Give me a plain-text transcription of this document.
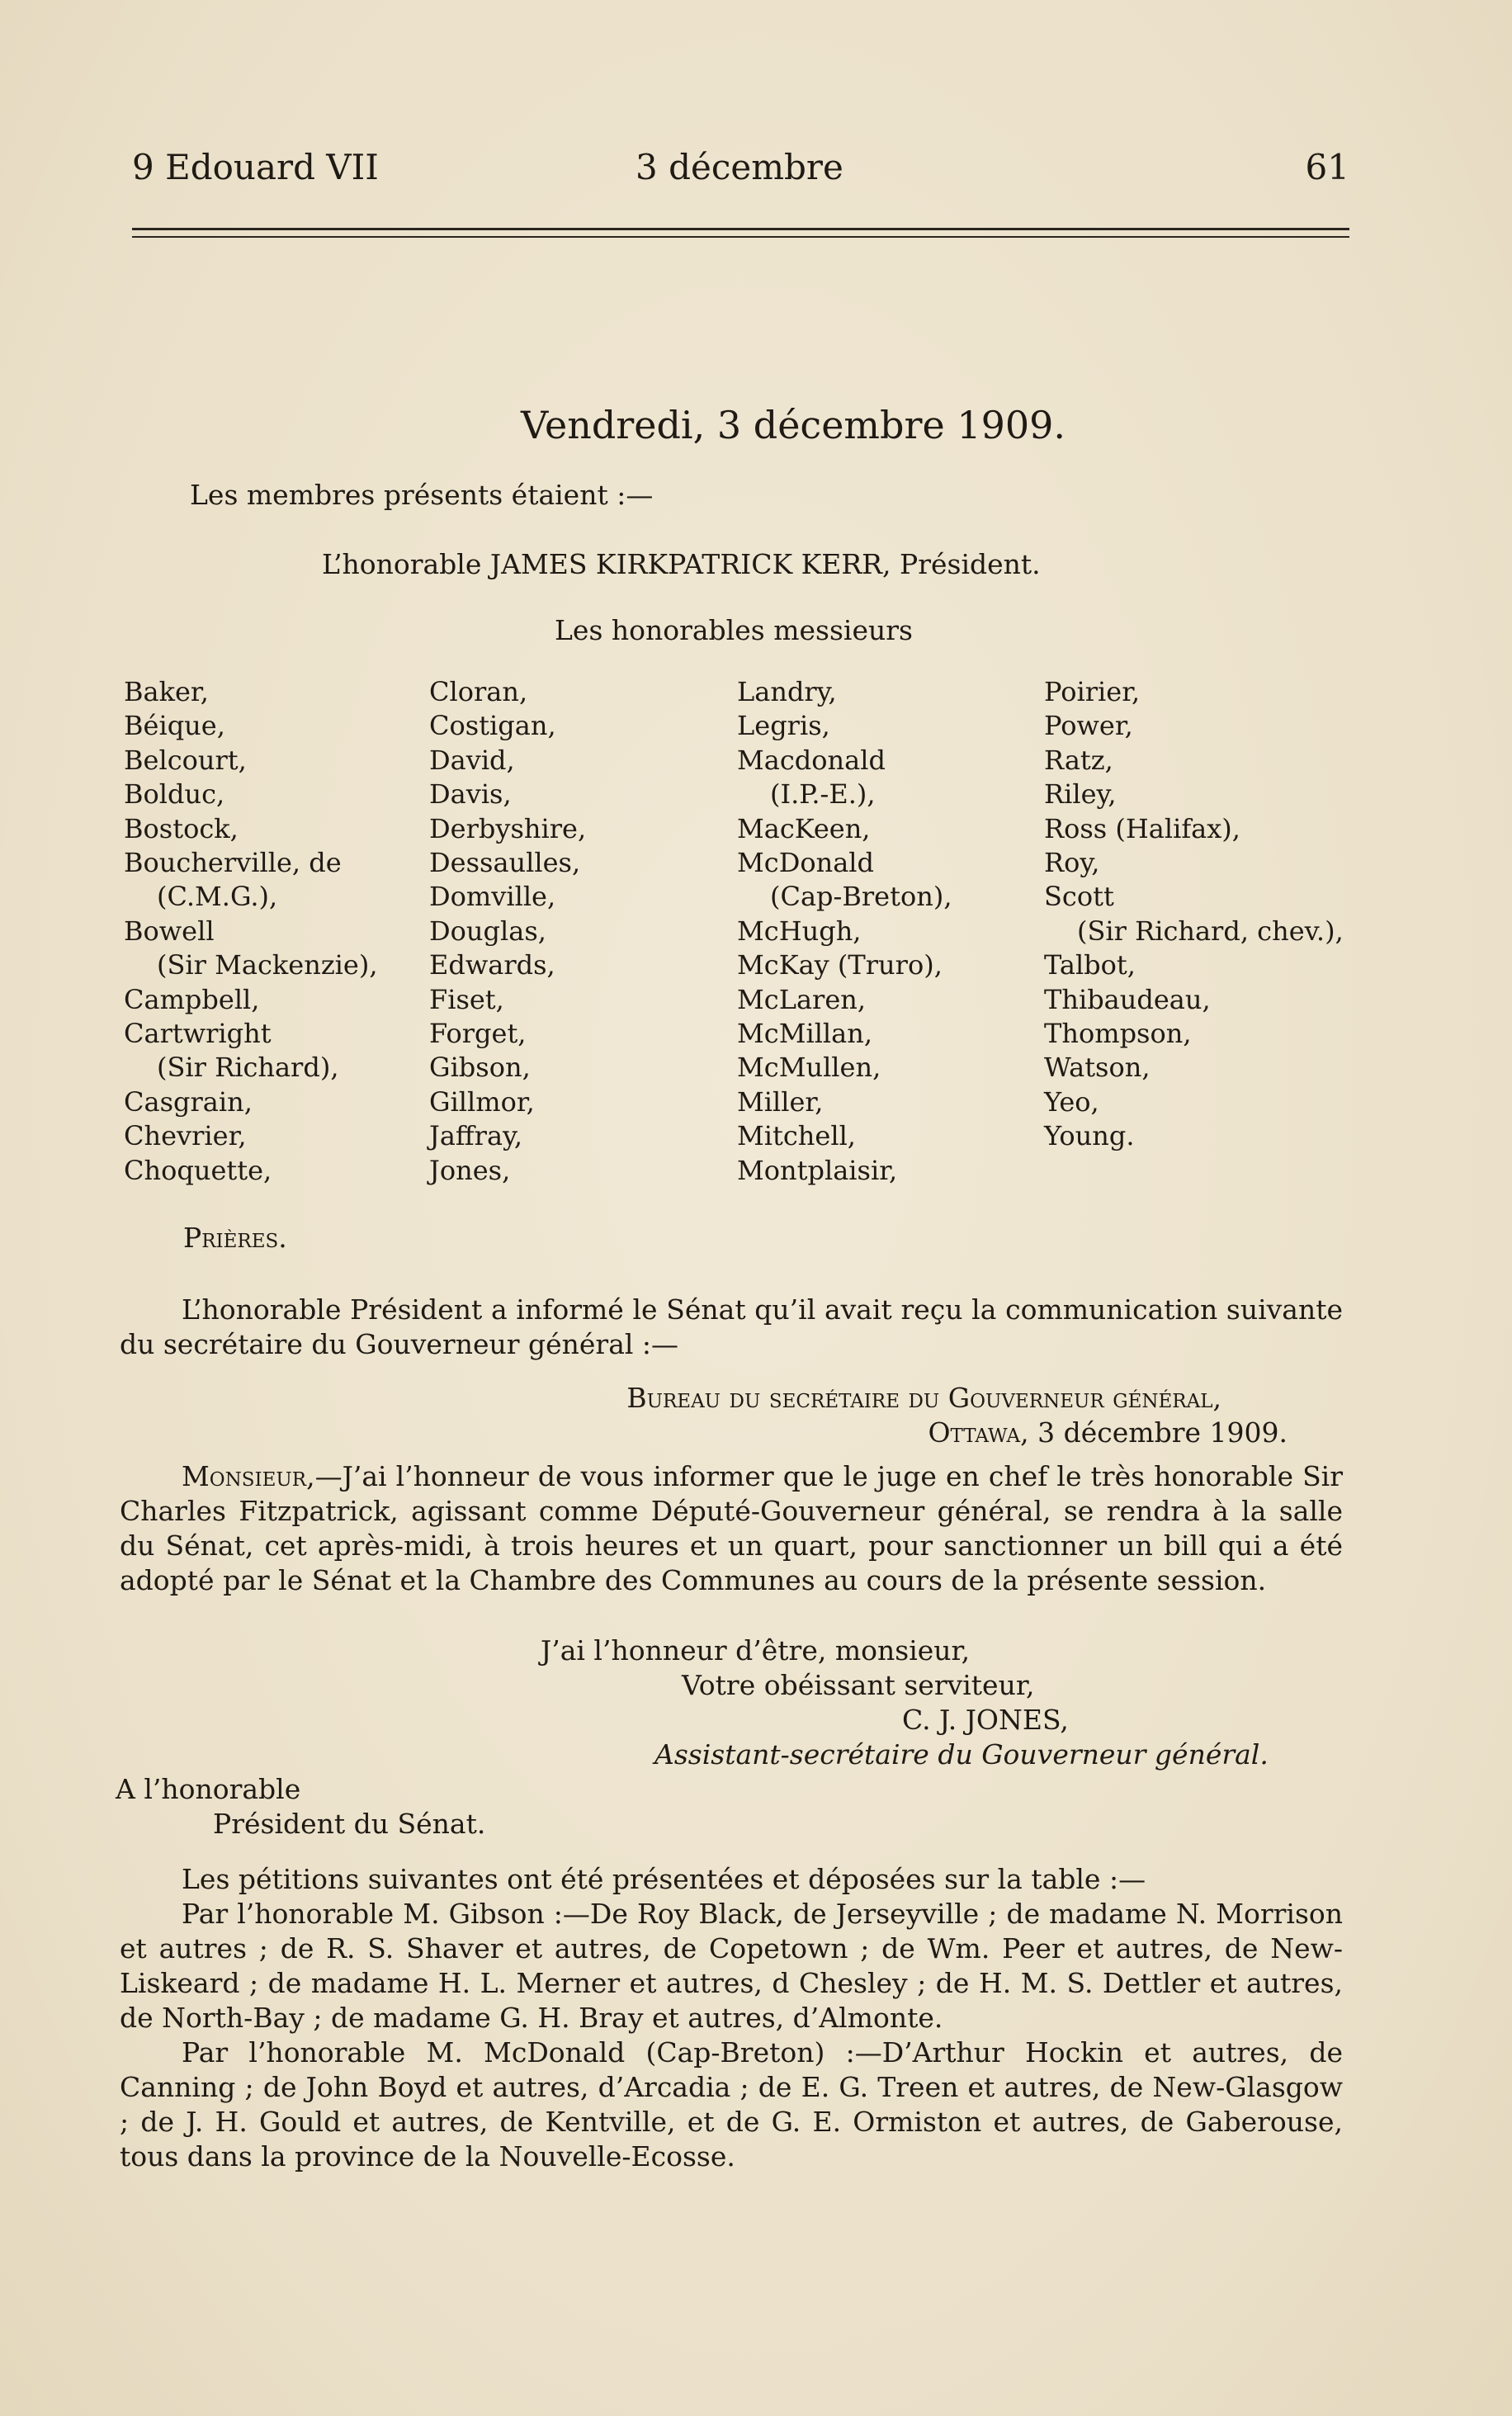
9 Edouard VII	3 décembre	61
Vendredi, 3 décembre 1909.
Les membres présents étaient :—
L’honorable JAMES KIRKPATRICK KERR, Président.
Les honorables messieurs
Baker,
Béique,
Belcourt,
Bolduc,
Bostock,
Boucherville, de
(C.M.G.),
Bowell
(Sir Mackenzie),
Campbell,
Cartwright
(Sir Richard),
Casgrain,
Chevrier,
Choquette,
Cloran,
Costigan,
David,
Davis,
Derbyshire,
Dessaulles,
Domville,
Douglas,
Edwards,
Fiset,
Forget,
Gibson,
Gillmor,
Jaffray,
Jones,
Landry,
Legris,
Macdonald
(I.P.-E.),
MacKeen,
McDonald
(Cap-Breton),
McHugh,
McKay (Truro),
McLaren,
McMillan,
McMullen,
Miller,
Mitchell,
Montplaisir,
Poirier,
Power,
Ratz,
Riley,
Ross (Halifax),
Roy,
Scott
(Sir Richard, chev.),
Talbot,
Thibaudeau,
Thompson,
Watson,
Yeo,
Young.
Prières.

L’honorable Président a informé le Sénat qu’il avait reçu la communication suivante du secrétaire du Gouverneur général :—

Bureau du secrétaire du Gouverneur général,
Ottawa, 3 décembre 1909.

Monsieur,—J’ai l’honneur de vous informer que le juge en chef le très honorable Sir Charles Fitzpatrick, agissant comme Député-Gouverneur général, se rendra à la salle du Sénat, cet après-midi, à trois heures et un quart, pour sanctionner un bill qui a été adopté par le Sénat et la Chambre des Communes au cours de la présente session.

J’ai l’honneur d’être, monsieur,
Votre obéissant serviteur,
C. J. JONES,
Assistant-secrétaire du Gouverneur général.
A l’honorable
Président du Sénat.

Les pétitions suivantes ont été présentées et déposées sur la table :—

Par l’honorable M. Gibson :—De Roy Black, de Jerseyville ; de madame N. Morrison et autres ; de R. S. Shaver et autres, de Copetown ; de Wm. Peer et autres, de New-Liskeard ; de madame H. L. Merner et autres, d Chesley ; de H. M. S. Dettler et autres, de North-Bay ; de madame G. H. Bray et autres, d’Almonte.

Par l’honorable M. McDonald (Cap-Breton) :—D’Arthur Hockin et autres, de Canning ; de John Boyd et autres, d’Arcadia ; de E. G. Treen et autres, de New-Glasgow ; de J. H. Gould et autres, de Kentville, et de G. E. Ormiston et autres, de Gaberouse, tous dans la province de la Nouvelle-Ecosse.
